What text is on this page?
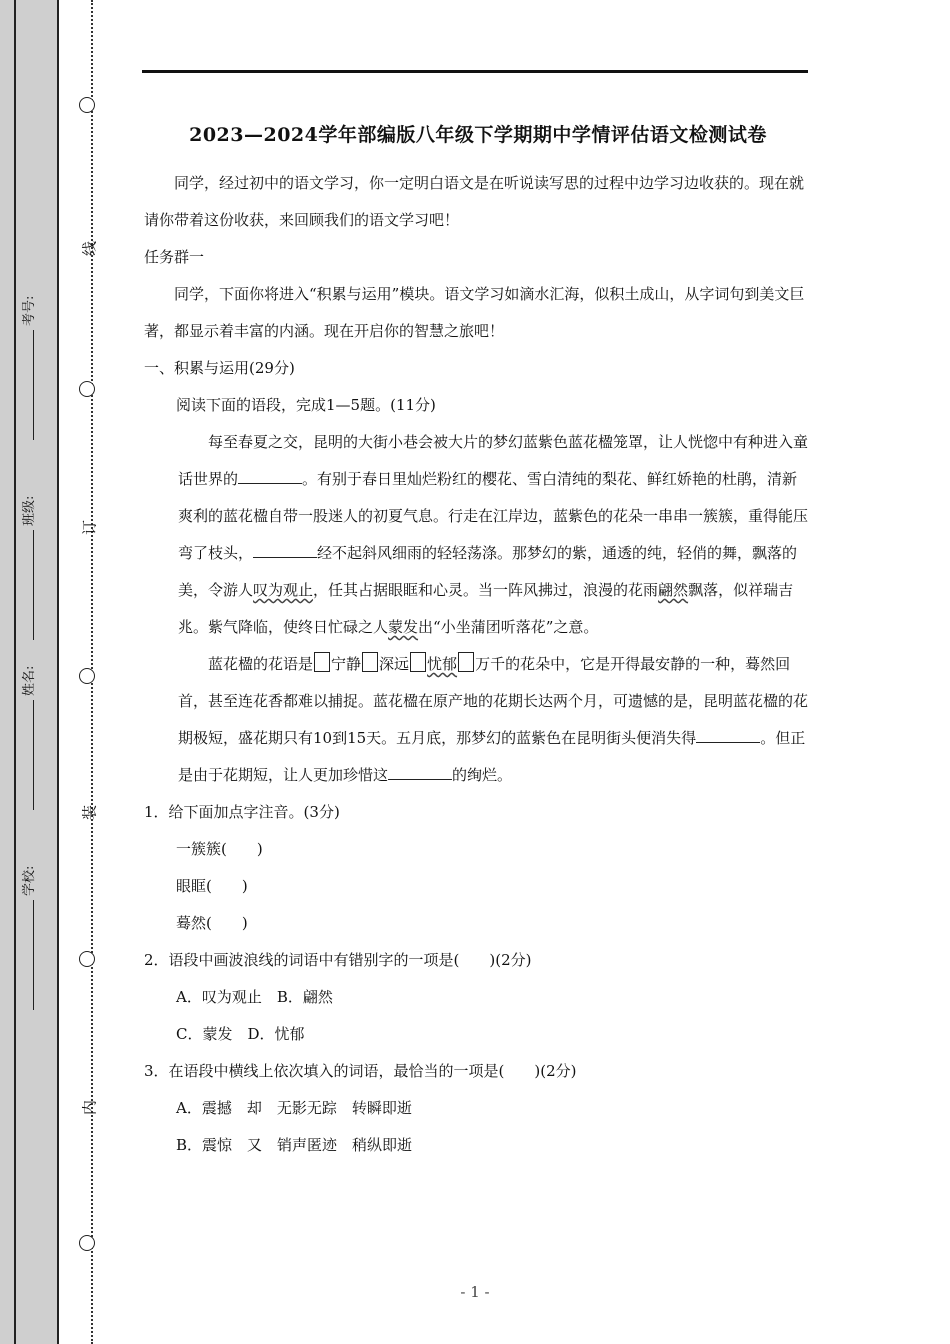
线
订
装
内
考号:
班级:
姓名:
学校:
2023—2024学年部编版八年级下学期期中学情评估语文检测试卷

同学，经过初中的语文学习，你一定明白语文是在听说读写思的过程中边学习边收获的。现在就请你带着这份收获，来回顾我们的语文学习吧！

任务群一

同学，下面你将进入“积累与运用”模块。语文学习如滴水汇海，似积土成山，从字词句到美文巨著，都显示着丰富的内涵。现在开启你的智慧之旅吧！

一、积累与运用(29分)

阅读下面的语段，完成1—5题。(11分)

每至春夏之交，昆明的大街小巷会被大片的梦幻蓝紫色蓝花楹笼罩，让人恍惚中有种进入童话世界的	。有别于春日里灿烂粉红的樱花、雪白清纯的梨花、鲜红娇艳的杜鹃，清新爽利的蓝花楹自带一股迷人的初夏气息。行走在江岸边，蓝紫色的花朵一串串一簇簇，重得能压弯了枝头，	经不起斜风细雨的轻轻荡涤。那梦幻的紫，通透的纯，轻俏的舞，飘落的美，令游人叹为观止，任其占据眼眶和心灵。当一阵风拂过，浪漫的花雨翩然飘落，似祥瑞吉兆。紫气降临，使终日忙碌之人蒙发出“小坐蒲团听落花”之意。

蓝花楹的花语是 宁静 深远 忧郁 万千的花朵中，它是开得最安静的一种，蓦然回首，甚至连花香都难以捕捉。蓝花楹在原产地的花期长达两个月，可遗憾的是，昆明蓝花楹的花期极短，盛花期只有10到15天。五月底，那梦幻的蓝紫色在昆明街头便消失得	。但正是由于花期短，让人更加珍惜这	的绚烂。

1．给下面加点字注音。(3分)

一簇簇(　　)

眼眶(　　)

蓦然(　　)

2．语段中画波浪线的词语中有错别字的一项是(　　)(2分)

A．叹为观止　B．翩然

C．蒙发　D．忧郁

3．在语段中横线上依次填入的词语，最恰当的一项是(　　)(2分)

A．震撼　却　无影无踪　转瞬即逝

B．震惊　又　销声匿迹　稍纵即逝

- 1 -
